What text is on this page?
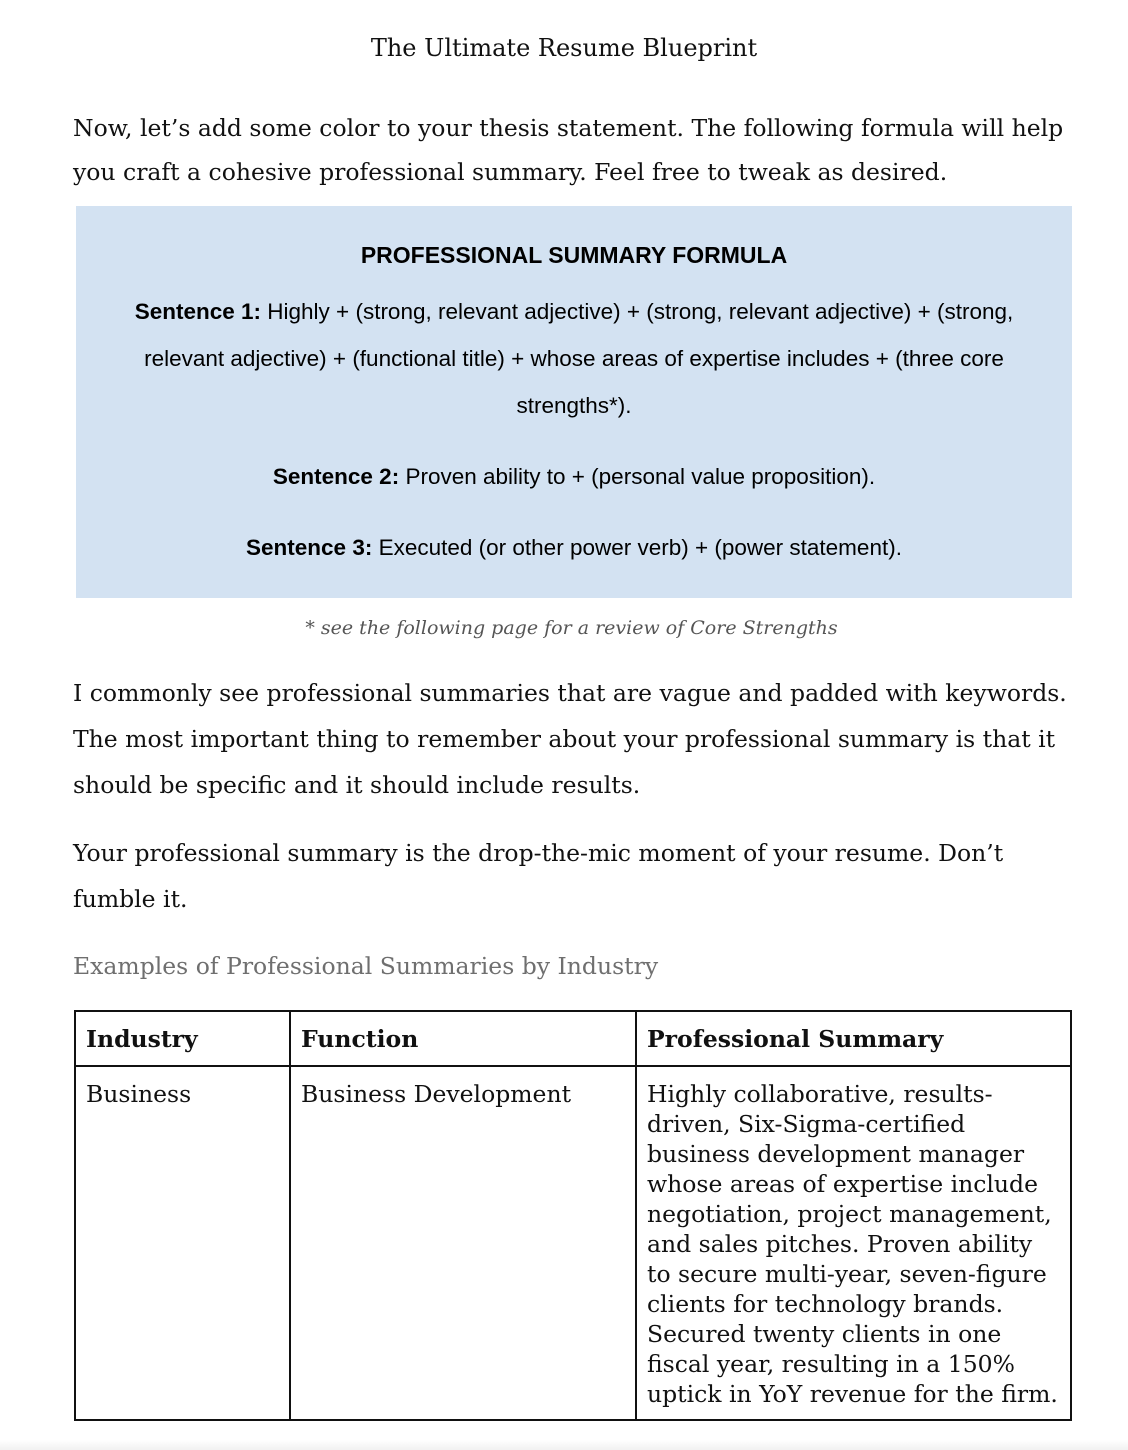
The Ultimate Resume Blueprint

Now, let’s add some color to your thesis statement. The following formula will help you craft a cohesive professional summary. Feel free to tweak as desired.

PROFESSIONAL SUMMARY FORMULA
Sentence 1: Highly + (strong, relevant adjective) + (strong, relevant adjective) + (strong, relevant adjective) + (functional title) + whose areas of expertise includes + (three core strengths*).
Sentence 2: Proven ability to + (personal value proposition).
Sentence 3: Executed (or other power verb) + (power statement).
* see the following page for a review of Core Strengths

I commonly see professional summaries that are vague and padded with keywords. The most important thing to remember about your professional summary is that it should be specific and it should include results.

Your professional summary is the drop-the-mic moment of your resume. Don’t fumble it.

Examples of Professional Summaries by Industry
Industry	Function	Professional Summary
Business	Business Development	Highly collaborative, results-driven, Six-Sigma-certified business development manager whose areas of expertise include negotiation, project management, and sales pitches. Proven ability to secure multi-year, seven-figure clients for technology brands. Secured twenty clients in one fiscal year, resulting in a 150% uptick in YoY revenue for the firm.
